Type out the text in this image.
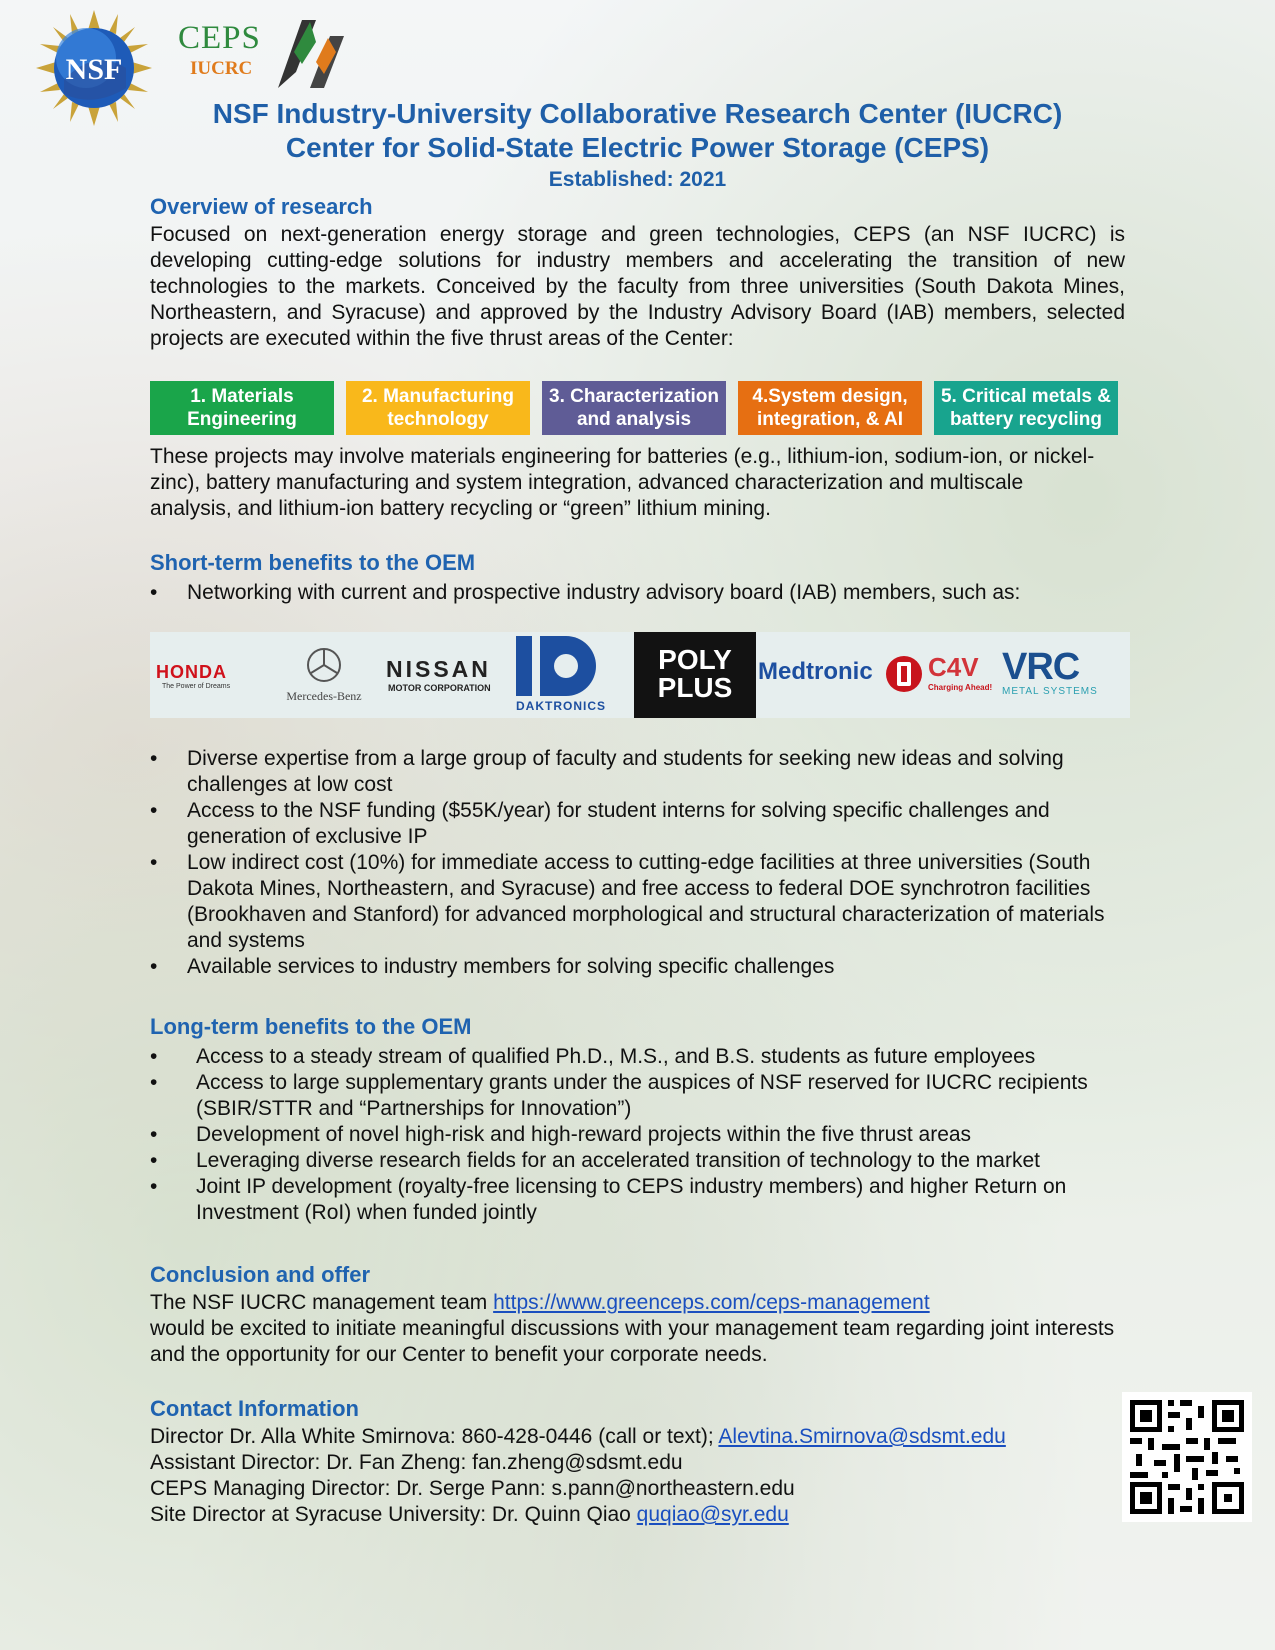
NSF
CEPS
IUCRC
NSF Industry-University Collaborative Research Center (IUCRC)
Center for Solid-State Electric Power Storage (CEPS)
Established: 2021
Overview of research
Focused on next-generation energy storage and green technologies, CEPS (an NSF IUCRC) is developing cutting-edge solutions for industry members and accelerating the transition of new technologies to the markets. Conceived by the faculty from three universities (South Dakota Mines, Northeastern, and Syracuse) and approved by the Industry Advisory Board (IAB) members, selected projects are executed within the five thrust areas of the Center:
1. Materials
Engineering
2. Manufacturing
technology
3. Characterization
and analysis
4.System design,
integration, & AI
5. Critical metals &
battery recycling
These projects may involve materials engineering for batteries (e.g., lithium-ion, sodium-ion, or nickel-zinc), battery manufacturing and system integration, advanced characterization and multiscale analysis, and lithium-ion battery recycling or “green” lithium mining.
Short-term benefits to the OEM
• Networking with current and prospective industry advisory board (IAB) members, such as:
HONDA
The Power of Dreams
Mercedes-Benz
NISSAN
MOTOR CORPORATION
DAKTRONICS
POLY
PLUS
Medtronic C4V
Charging Ahead! VRC
METAL SYSTEMS
• Diverse expertise from a large group of faculty and students for seeking new ideas and solving challenges at low cost
• Access to the NSF funding ($55K/year) for student interns for solving specific challenges and generation of exclusive IP
• Low indirect cost (10%) for immediate access to cutting-edge facilities at three universities (South Dakota Mines, Northeastern, and Syracuse) and free access to federal DOE synchrotron facilities (Brookhaven and Stanford) for advanced morphological and structural characterization of materials and systems
• Available services to industry members for solving specific challenges
Long-term benefits to the OEM
• Access to a steady stream of qualified Ph.D., M.S., and B.S. students as future employees
• Access to large supplementary grants under the auspices of NSF reserved for IUCRC recipients (SBIR/STTR and “Partnerships for Innovation”)
• Development of novel high-risk and high-reward projects within the five thrust areas
• Leveraging diverse research fields for an accelerated transition of technology to the market
• Joint IP development (royalty-free licensing to CEPS industry members) and higher Return on Investment (RoI) when funded jointly
Conclusion and offer
The NSF IUCRC management team https://www.greenceps.com/ceps-management
would be excited to initiate meaningful discussions with your management team regarding joint interests and the opportunity for our Center to benefit your corporate needs.
Contact Information
Director Dr. Alla White Smirnova: 860-428-0446 (call or text); Alevtina.Smirnova@sdsmt.edu
Assistant Director: Dr. Fan Zheng: fan.zheng@sdsmt.edu
CEPS Managing Director: Dr. Serge Pann: s.pann@northeastern.edu
Site Director at Syracuse University: Dr. Quinn Qiao quqiao@syr.edu
